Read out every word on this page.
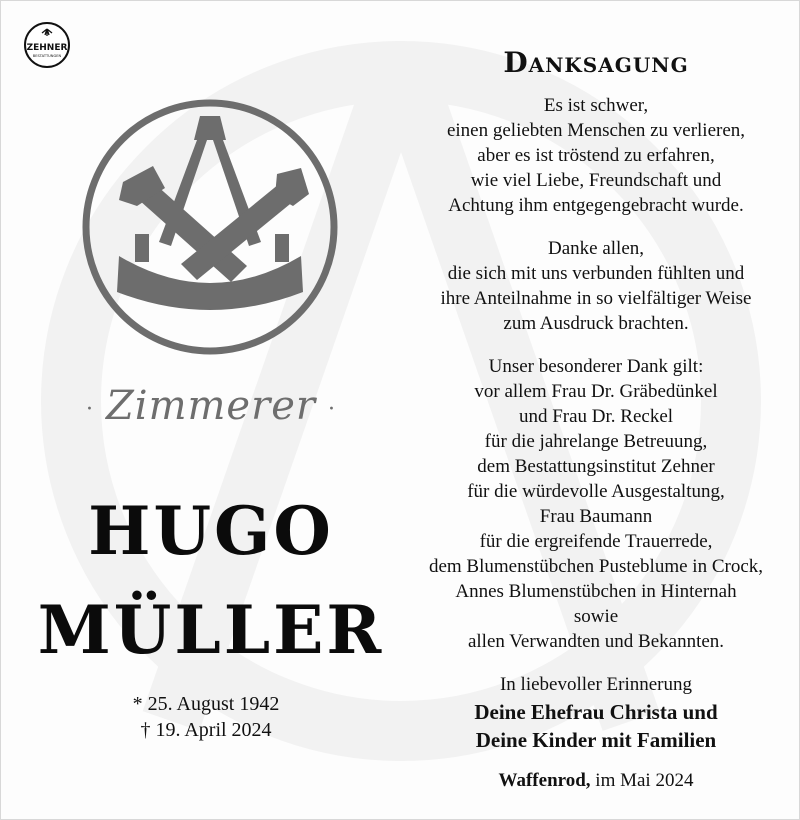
ZEHNER
BESTATTUNGEN
· Zimmerer ·
HUGO
MÜLLER
* 25. August 1942
† 19. April 2024
Danksagung
Es ist schwer,
einen geliebten Menschen zu verlieren,
aber es ist tröstend zu erfahren,
wie viel Liebe, Freundschaft und
Achtung ihm entgegengebracht wurde.
Danke allen,
die sich mit uns verbunden fühlten und
ihre Anteilnahme in so vielfältiger Weise
zum Ausdruck brachten.
Unser besonderer Dank gilt:
vor allem Frau Dr. Gräbedünkel
und Frau Dr. Reckel
für die jahrelange Betreuung,
dem Bestattungsinstitut Zehner
für die würdevolle Ausgestaltung,
Frau Baumann
für die ergreifende Trauerrede,
dem Blumenstübchen Pusteblume in Crock,
Annes Blumenstübchen in Hinternah
sowie
allen Verwandten und Bekannten.
In liebevoller Erinnerung
Deine Ehefrau Christa und
Deine Kinder mit Familien
Waffenrod, im Mai 2024
